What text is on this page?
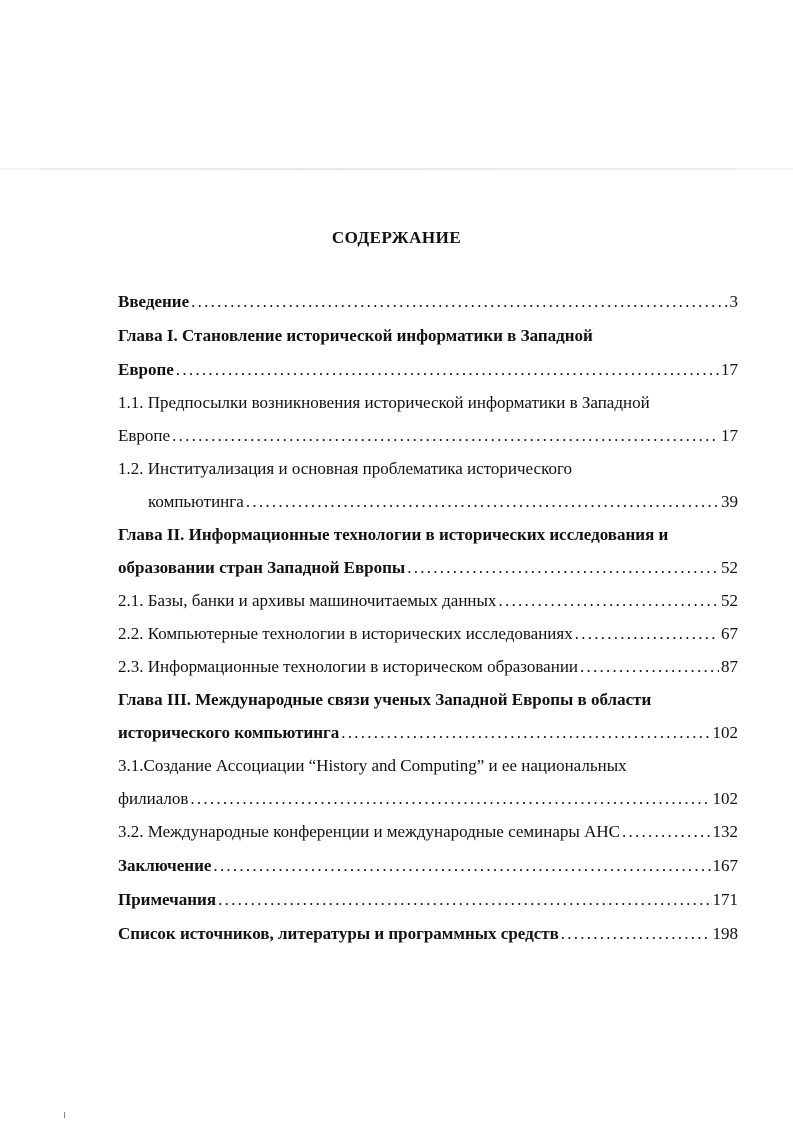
СОДЕРЖАНИЕ
Введение . . .	3
Глава I. Становление исторической информатики в Западной
Европе . . .	17
1.1. Предпосылки возникновения исторической информатики в Западной
Европе . . .	17
1.2. Институализация и основная проблематика исторического
компьютинга . . .	39
Глава II. Информационные технологии в исторических исследования и
образовании стран Западной Европы . . .	52
2.1. Базы, банки и архивы машиночитаемых данных . . .	52
2.2. Компьютерные технологии в исторических исследованиях . . .	67
2.3. Информационные технологии в историческом образовании . . .	87
Глава III. Международные связи ученых Западной Европы в области
исторического компьютинга . . .	102
3.1.Создание Ассоциации “History and Computing” и ее национальных
филиалов . . .	102
3.2. Международные конференции и международные семинары АНС . . .	132
Заключение . . .	167
Примечания . . .	171
Список источников, литературы и программных средств . . .	198
